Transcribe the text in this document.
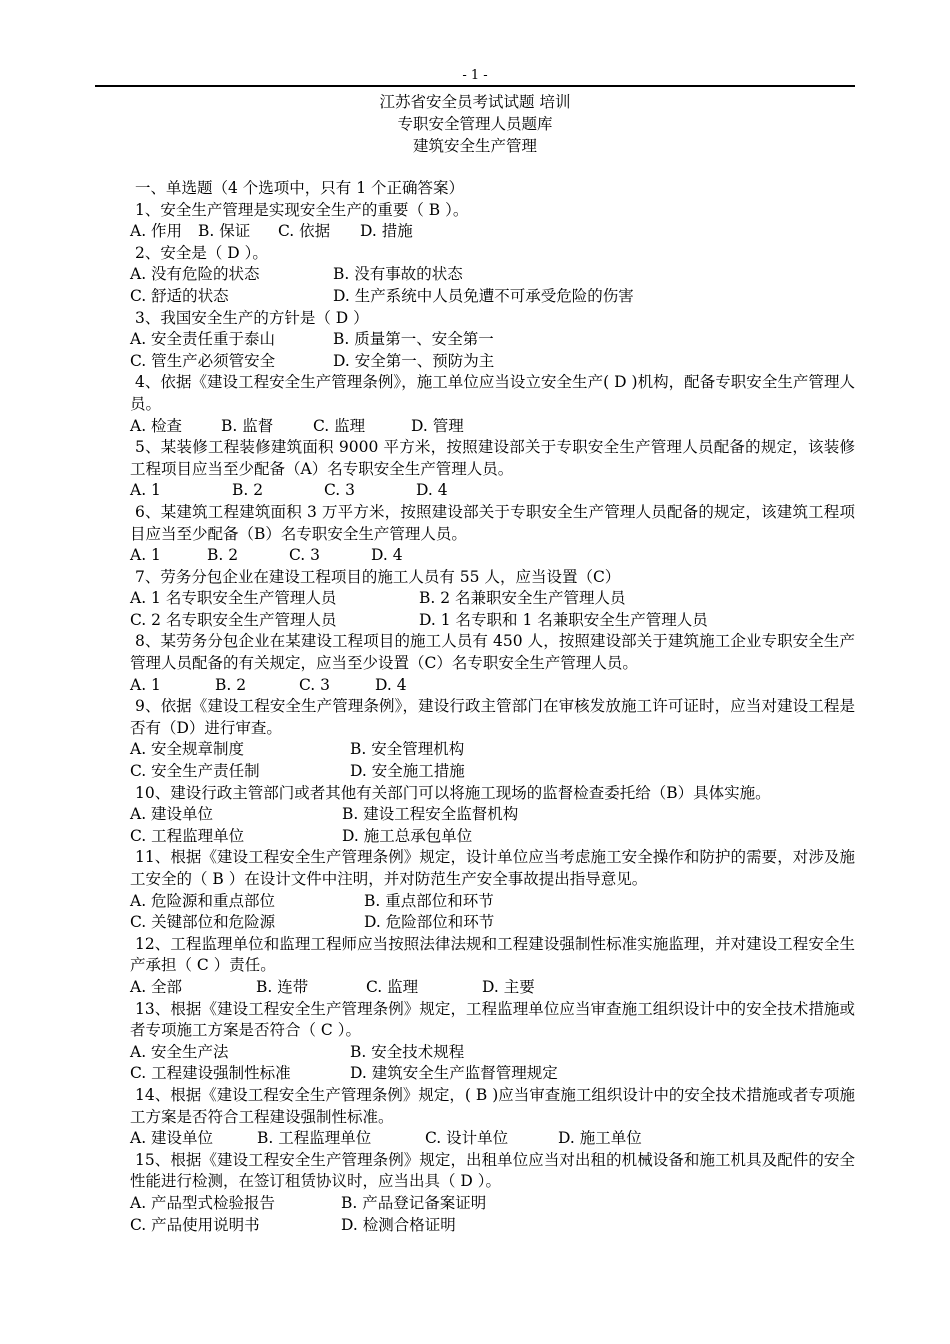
- 1 -
江苏省安全员考试试题 培训
专职安全管理人员题库
建筑安全生产管理
一、单选题（4 个选项中，只有 1 个正确答案）
1、安全生产管理是实现安全生产的重要（ B ）。
A. 作用	B. 保证	C. 依据	D. 措施
2、安全是（ D ）。
A. 没有危险的状态	B. 没有事故的状态
C. 舒适的状态	D. 生产系统中人员免遭不可承受危险的伤害
3、我国安全生产的方针是（ D ）
A. 安全责任重于泰山	B. 质量第一、安全第一
C. 管生产必须管安全	D. 安全第一、预防为主
4、依据《建设工程安全生产管理条例》，施工单位应当设立安全生产( D )机构，配备专职安全生产管理人员。
A. 检查	B. 监督	C. 监理	D. 管理
5、某装修工程装修建筑面积 9000 平方米，按照建设部关于专职安全生产管理人员配备的规定，该装修工程项目应当至少配备（A）名专职安全生产管理人员。
A. 1	B. 2	C. 3	D. 4
6、某建筑工程建筑面积 3 万平方米，按照建设部关于专职安全生产管理人员配备的规定，该建筑工程项目应当至少配备（B）名专职安全生产管理人员。
A. 1	B. 2	C. 3	D. 4
7、劳务分包企业在建设工程项目的施工人员有 55 人，应当设置（C）
A. 1 名专职安全生产管理人员	B. 2 名兼职安全生产管理人员
C. 2 名专职安全生产管理人员	D. 1 名专职和 1 名兼职安全生产管理人员
8、某劳务分包企业在某建设工程项目的施工人员有 450 人，按照建设部关于建筑施工企业专职安全生产管理人员配备的有关规定，应当至少设置（C）名专职安全生产管理人员。
A. 1	B. 2	C. 3	D. 4
9、依据《建设工程安全生产管理条例》，建设行政主管部门在审核发放施工许可证时，应当对建设工程是否有（D）进行审查。
A. 安全规章制度	B. 安全管理机构
C. 安全生产责任制	D. 安全施工措施
10、建设行政主管部门或者其他有关部门可以将施工现场的监督检查委托给（B）具体实施。
A. 建设单位	B. 建设工程安全监督机构
C. 工程监理单位	D. 施工总承包单位
11、根据《建设工程安全生产管理条例》规定，设计单位应当考虑施工安全操作和防护的需要，对涉及施工安全的（ B ）在设计文件中注明，并对防范生产安全事故提出指导意见。
A. 危险源和重点部位	B. 重点部位和环节
C. 关键部位和危险源	D. 危险部位和环节
12、工程监理单位和监理工程师应当按照法律法规和工程建设强制性标准实施监理，并对建设工程安全生产承担（ C ）责任。
A. 全部	B. 连带	C. 监理	D. 主要
13、根据《建设工程安全生产管理条例》规定，工程监理单位应当审查施工组织设计中的安全技术措施或者专项施工方案是否符合（ C ）。
A. 安全生产法	B. 安全技术规程
C. 工程建设强制性标准	D. 建筑安全生产监督管理规定
14、根据《建设工程安全生产管理条例》规定，( B )应当审查施工组织设计中的安全技术措施或者专项施工方案是否符合工程建设强制性标准。
A. 建设单位	B. 工程监理单位	C. 设计单位	D. 施工单位
15、根据《建设工程安全生产管理条例》规定，出租单位应当对出租的机械设备和施工机具及配件的安全性能进行检测，在签订租赁协议时，应当出具（ D ）。
A. 产品型式检验报告	B. 产品登记备案证明
C. 产品使用说明书	D. 检测合格证明
